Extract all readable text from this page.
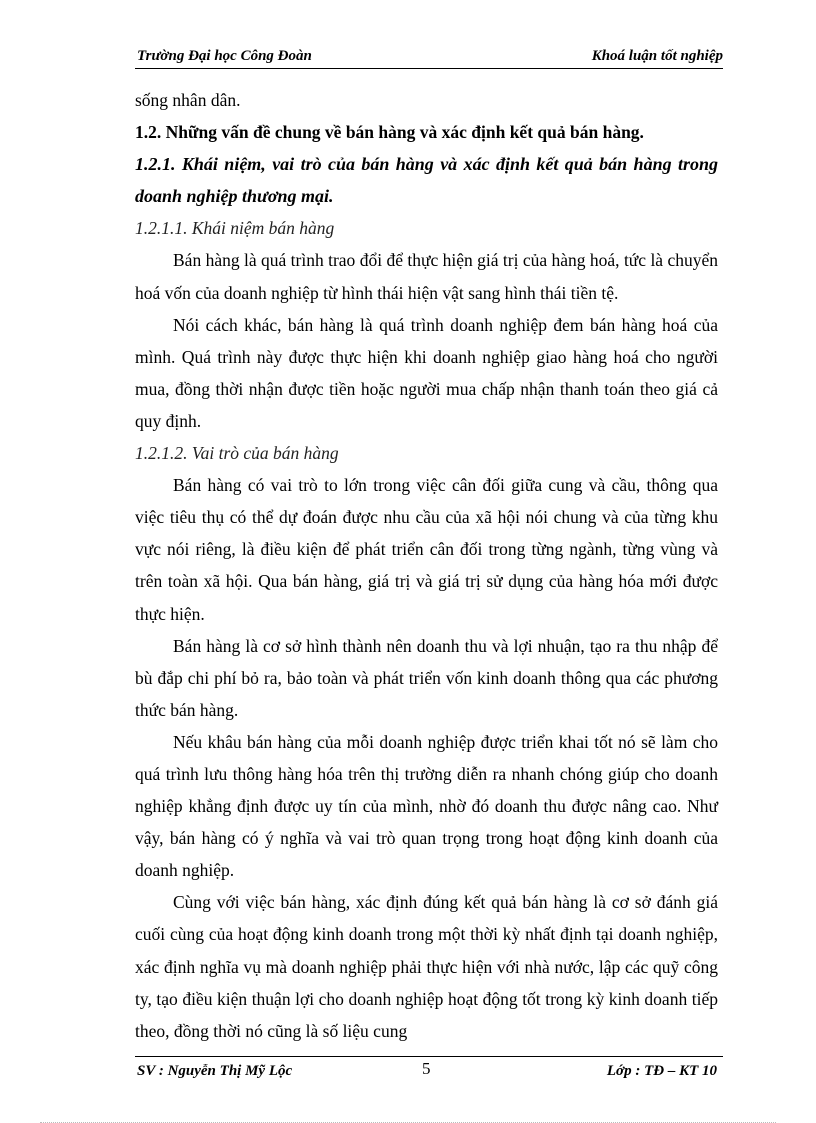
Trường Đại học Công Đoàn	Khoá luận tốt nghiệp

sống nhân dân.

1.2. Những vấn đề chung về bán hàng và xác định kết quả bán hàng.

1.2.1. Khái niệm, vai trò của bán hàng và xác định kết quả bán hàng trong doanh nghiệp thương mại.

1.2.1.1. Khái niệm bán hàng

Bán hàng là quá trình trao đổi để thực hiện giá trị của hàng hoá, tức là chuyển hoá vốn của doanh nghiệp từ hình thái hiện vật sang hình thái tiền tệ.

Nói cách khác, bán hàng là quá trình doanh nghiệp đem bán hàng hoá của mình. Quá trình này được thực hiện khi doanh nghiệp giao hàng hoá cho người mua, đồng thời nhận được tiền hoặc người mua chấp nhận thanh toán theo giá cả quy định.

1.2.1.2. Vai trò của bán hàng

Bán hàng có vai trò to lớn trong việc cân đối giữa cung và cầu, thông qua việc tiêu thụ có thể dự đoán được nhu cầu của xã hội nói chung và của từng khu vực nói riêng, là điều kiện để phát triển cân đối trong từng ngành, từng vùng và trên toàn xã hội. Qua bán hàng, giá trị và giá trị sử dụng của hàng hóa mới được thực hiện.

Bán hàng là cơ sở hình thành nên doanh thu và lợi nhuận, tạo ra thu nhập để bù đắp chi phí bỏ ra, bảo toàn và phát triển vốn kinh doanh thông qua các phương thức bán hàng.

Nếu khâu bán hàng của mỗi doanh nghiệp được triển khai tốt nó sẽ làm cho quá trình lưu thông hàng hóa trên thị trường diễn ra nhanh chóng giúp cho doanh nghiệp khẳng định được uy tín của mình, nhờ đó doanh thu được nâng cao. Như vậy, bán hàng có ý nghĩa và vai trò quan trọng trong hoạt động kinh doanh của doanh nghiệp.

Cùng với việc bán hàng, xác định đúng kết quả bán hàng là cơ sở đánh giá cuối cùng của hoạt động kinh doanh trong một thời kỳ nhất định tại doanh nghiệp, xác định nghĩa vụ mà doanh nghiệp phải thực hiện với nhà nước, lập các quỹ công ty, tạo điều kiện thuận lợi cho doanh nghiệp hoạt động tốt trong kỳ kinh doanh tiếp theo, đồng thời nó cũng là số liệu cung

SV : Nguyễn Thị Mỹ Lộc	5	Lớp : TĐ – KT 10
